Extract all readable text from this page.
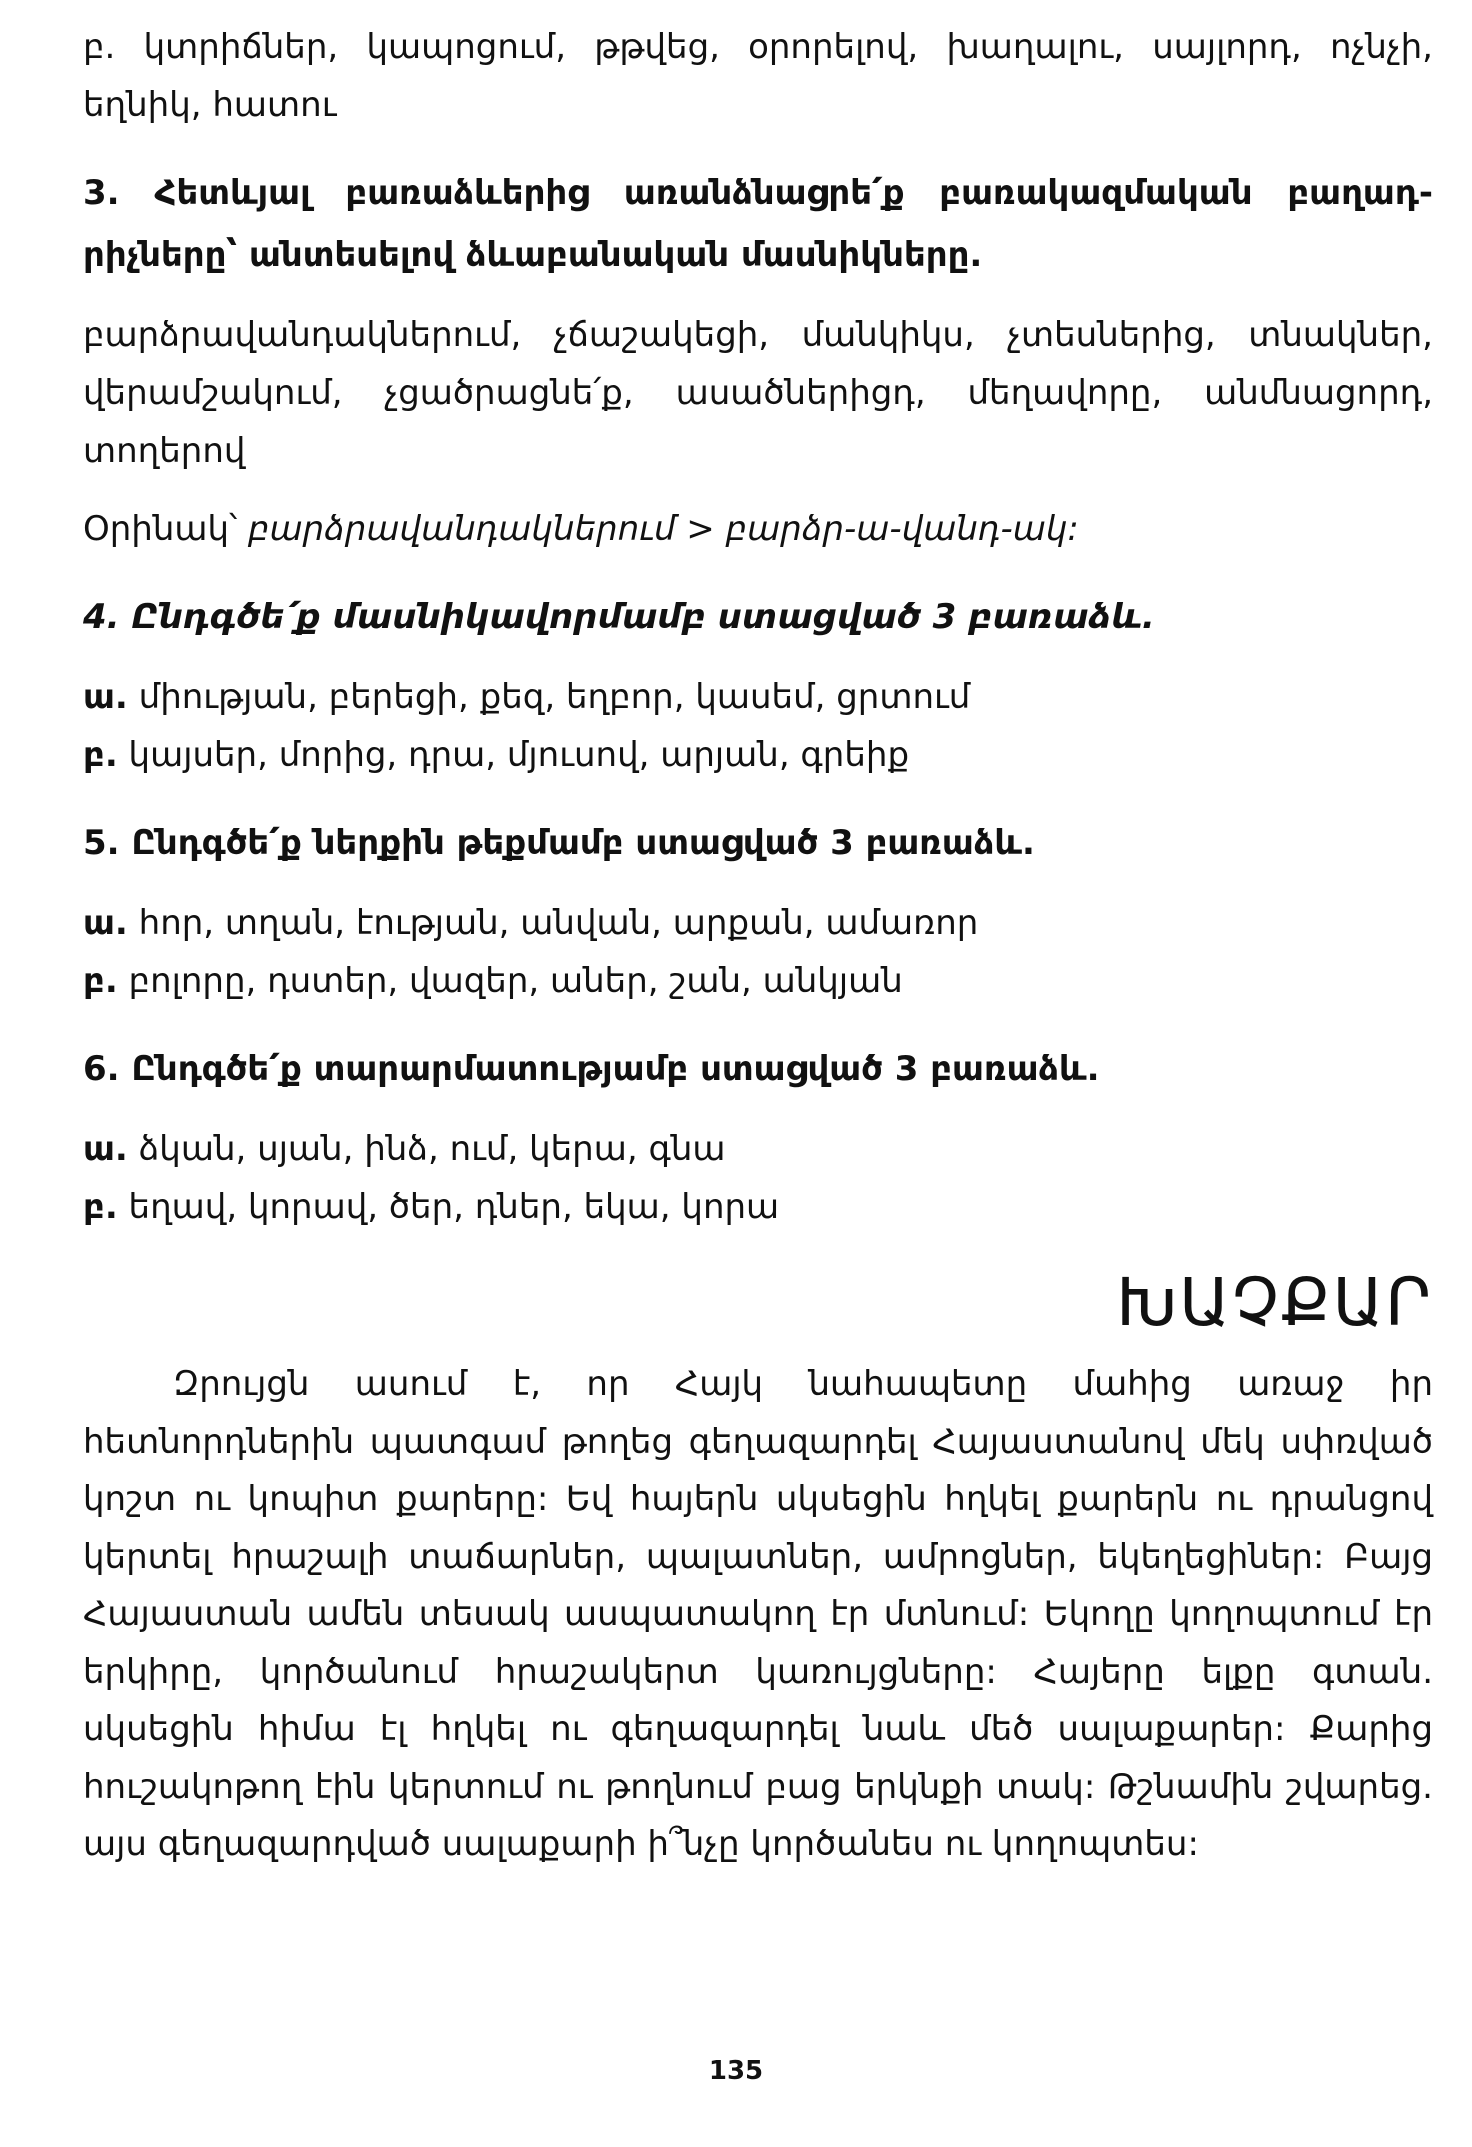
բ. կտրիճներ, կապոցում, թթվեց, օրորելով, խաղալու, սայլորդ, ոչնչի,

եղնիկ, հատու

3. Հետևյալ բառաձևերից առանձնացրե՛ք բառակազմական բաղադ-

րիչները՝ անտեսելով ձևաբանական մասնիկները.

բարձրավանդակներում, չճաշակեցի, մանկիկս, չտեսներից, տնակներ,

վերամշակում, չցածրացնե՛ք, ասածներիցդ, մեղավորը, անմնացորդ, տողերով

Օրինակ՝ բարձրավանդակներում > բարձր-ա-վանդ-ակ:

4. Ընդգծե՛ք մասնիկավորմամբ ստացված 3 բառաձև.

ա. միության, բերեցի, քեզ, եղբոր, կասեմ, ցրտում

բ. կայսեր, մորից, դրա, մյուսով, արյան, գրեիք

5. Ընդգծե՛ք ներքին թեքմամբ ստացված 3 բառաձև.

ա. հոր, տղան, էության, անվան, արքան, ամառոր

բ. բոլորը, դստեր, վազեր, աներ, շան, անկյան

6. Ընդգծե՛ք տարարմատությամբ ստացված 3 բառաձև.

ա. ձկան, սյան, ինձ, ում, կերա, գնա

բ. եղավ, կորավ, ծեր, դներ, եկա, կորա

ԽԱՉՔԱՐ

Զրույցն ասում է, որ Հայկ նահապետը մահից առաջ իր հետնորդներին պատգամ թողեց գեղազարդել Հայաստանով մեկ սփռված կոշտ ու կոպիտ քարերը: Եվ հայերն սկսեցին հղկել քարերն ու դրանցով կերտել հրաշալի տաճարներ, պալատներ, ամրոցներ, եկեղեցիներ: Բայց Հայաստան ամեն տեսակ ասպատակող էր մտնում: Եկողը կողոպտում էր երկիրը, կործանում հրաշակերտ կառույցները: Հայերը ելքը գտան. սկսեցին հիմա էլ հղկել ու գեղազարդել նաև մեծ սալաքարեր: Քարից հուշակոթող էին կերտում ու թողնում բաց երկնքի տակ: Թշնամին շվարեց. այս գեղազարդված սալաքարի ի՞նչը կործանես ու կողոպտես:

135
